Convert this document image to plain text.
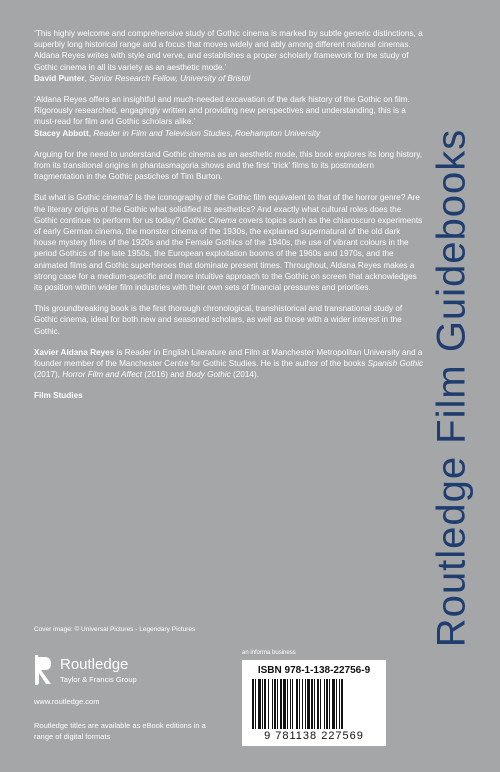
‘This highly welcome and comprehensive study of Gothic cinema is marked by subtle generic distinctions, a superbly long historical range and a focus that moves widely and ably among different national cinemas. Aldana Reyes writes with style and verve, and establishes a proper scholarly framework for the study of Gothic cinema in all its variety as an aesthetic mode.’
David Punter, Senior Research Fellow, University of Bristol

‘Aldana Reyes offers an insightful and much-needed excavation of the dark history of the Gothic on film. Rigorously researched, engagingly written and providing new perspectives and understanding, this is a must-read for film and Gothic scholars alike.’
Stacey Abbott, Reader in Film and Television Studies, Roehampton University

Arguing for the need to understand Gothic cinema as an aesthetic mode, this book explores its long history, from its transitional origins in phantasmagoria shows and the first ‘trick’ films to its postmodern fragmentation in the Gothic pastiches of Tim Burton.

But what is Gothic cinema? Is the iconography of the Gothic film equivalent to that of the horror genre? Are the literary origins of the Gothic what solidified its aesthetics? And exactly what cultural roles does the Gothic continue to perform for us today? Gothic Cinema covers topics such as the chiaroscuro experiments of early German cinema, the monster cinema of the 1930s, the explained supernatural of the old dark house mystery films of the 1920s and the Female Gothics of the 1940s, the use of vibrant colours in the period Gothics of the late 1950s, the European exploitation booms of the 1960s and 1970s, and the animated films and Gothic superheroes that dominate present times. Throughout, Aldana Reyes makes a strong case for a medium-specific and more intuitive approach to the Gothic on screen that acknowledges its position within wider film industries with their own sets of financial pressures and priorities.

This groundbreaking book is the first thorough chronological, transhistorical and transnational study of Gothic cinema, ideal for both new and seasoned scholars, as well as those with a wider interest in the Gothic.

Xavier Aldana Reyes is Reader in English Literature and Film at Manchester Metropolitan University and a founder member of the Manchester Centre for Gothic Studies. He is the author of the books Spanish Gothic (2017), Horror Film and Affect (2016) and Body Gothic (2014).

Film Studies	Routledge Film Guidebooks
Cover image: © Universal Pictures - Legendary Pictures
Routledge
Taylor & Francis Group
www.routledge.com
Routledge titles are available as eBook editions in a range of digital formats
an informa business
ISBN 978-1-138-22756-9
9 781138 227569
